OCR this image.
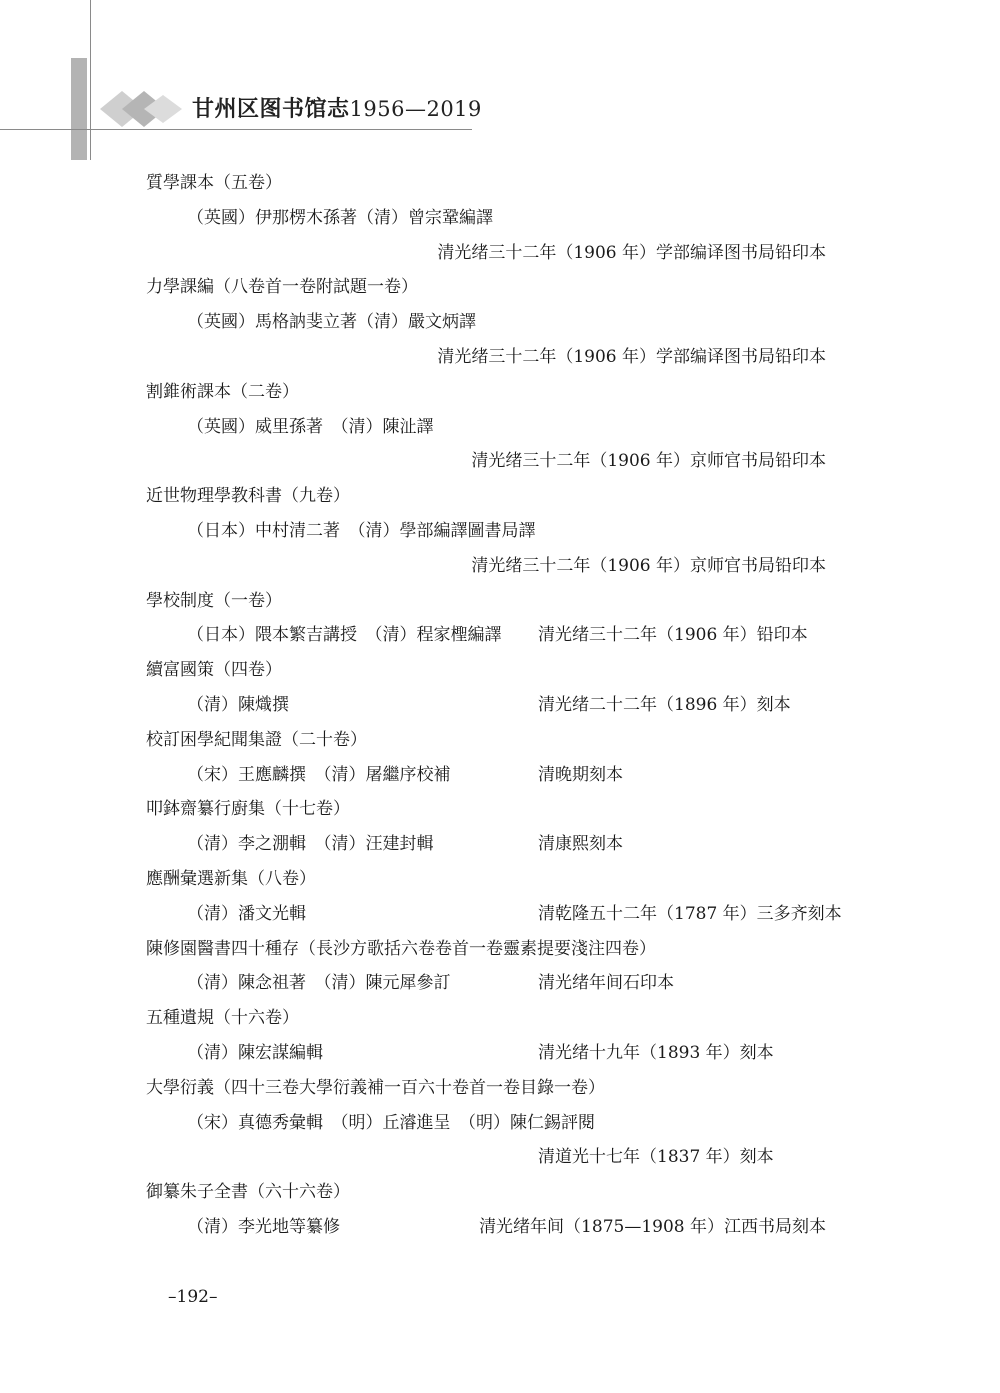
甘州区图书馆志1956—2019
質學課本（五卷）
（英國）伊那楞木孫著（清）曾宗鞏編譯
清光绪三十二年（1906 年）学部编译图书局铅印本
力學課編（八卷首一卷附試題一卷）
（英國）馬格訥斐立著（清）嚴文炳譯
清光绪三十二年（1906 年）学部编译图书局铅印本
割錐術課本（二卷）
（英國）威里孫著　（清）陳沚譯
清光绪三十二年（1906 年）京师官书局铅印本
近世物理學教科書（九卷）
（日本）中村清二著　（清）學部編譯圖書局譯
清光绪三十二年（1906 年）京师官书局铅印本
學校制度（一卷）
（日本）隈本繁吉講授　（清）程家檉編譯 清光绪三十二年（1906 年）铅印本
續富國策（四卷）
（清）陳熾撰	清光绪二十二年（1896 年）刻本
校訂困學紀聞集證（二十卷）
（宋）王應麟撰　（清）屠繼序校補	清晚期刻本
叩鉢齋纂行廚集（十七卷）
（清）李之淜輯　（清）汪建封輯	清康熙刻本
應酬彙選新集（八卷）
（清）潘文光輯	清乾隆五十二年（1787 年）三多齐刻本
陳修園醫書四十種存（長沙方歌括六卷卷首一卷靈素提要淺注四卷）
（清）陳念祖著　（清）陳元犀參訂	清光绪年间石印本
五種遺規（十六卷）
（清）陳宏謀編輯	清光绪十九年（1893 年）刻本
大學衍義（四十三卷大學衍義補一百六十卷首一卷目錄一卷）
（宋）真德秀彙輯　（明）丘濬進呈　（明）陳仁錫評閱
清道光十七年（1837 年）刻本
御纂朱子全書（六十六卷）
（清）李光地等纂修	清光绪年间（1875—1908 年）江西书局刻本
–192–
